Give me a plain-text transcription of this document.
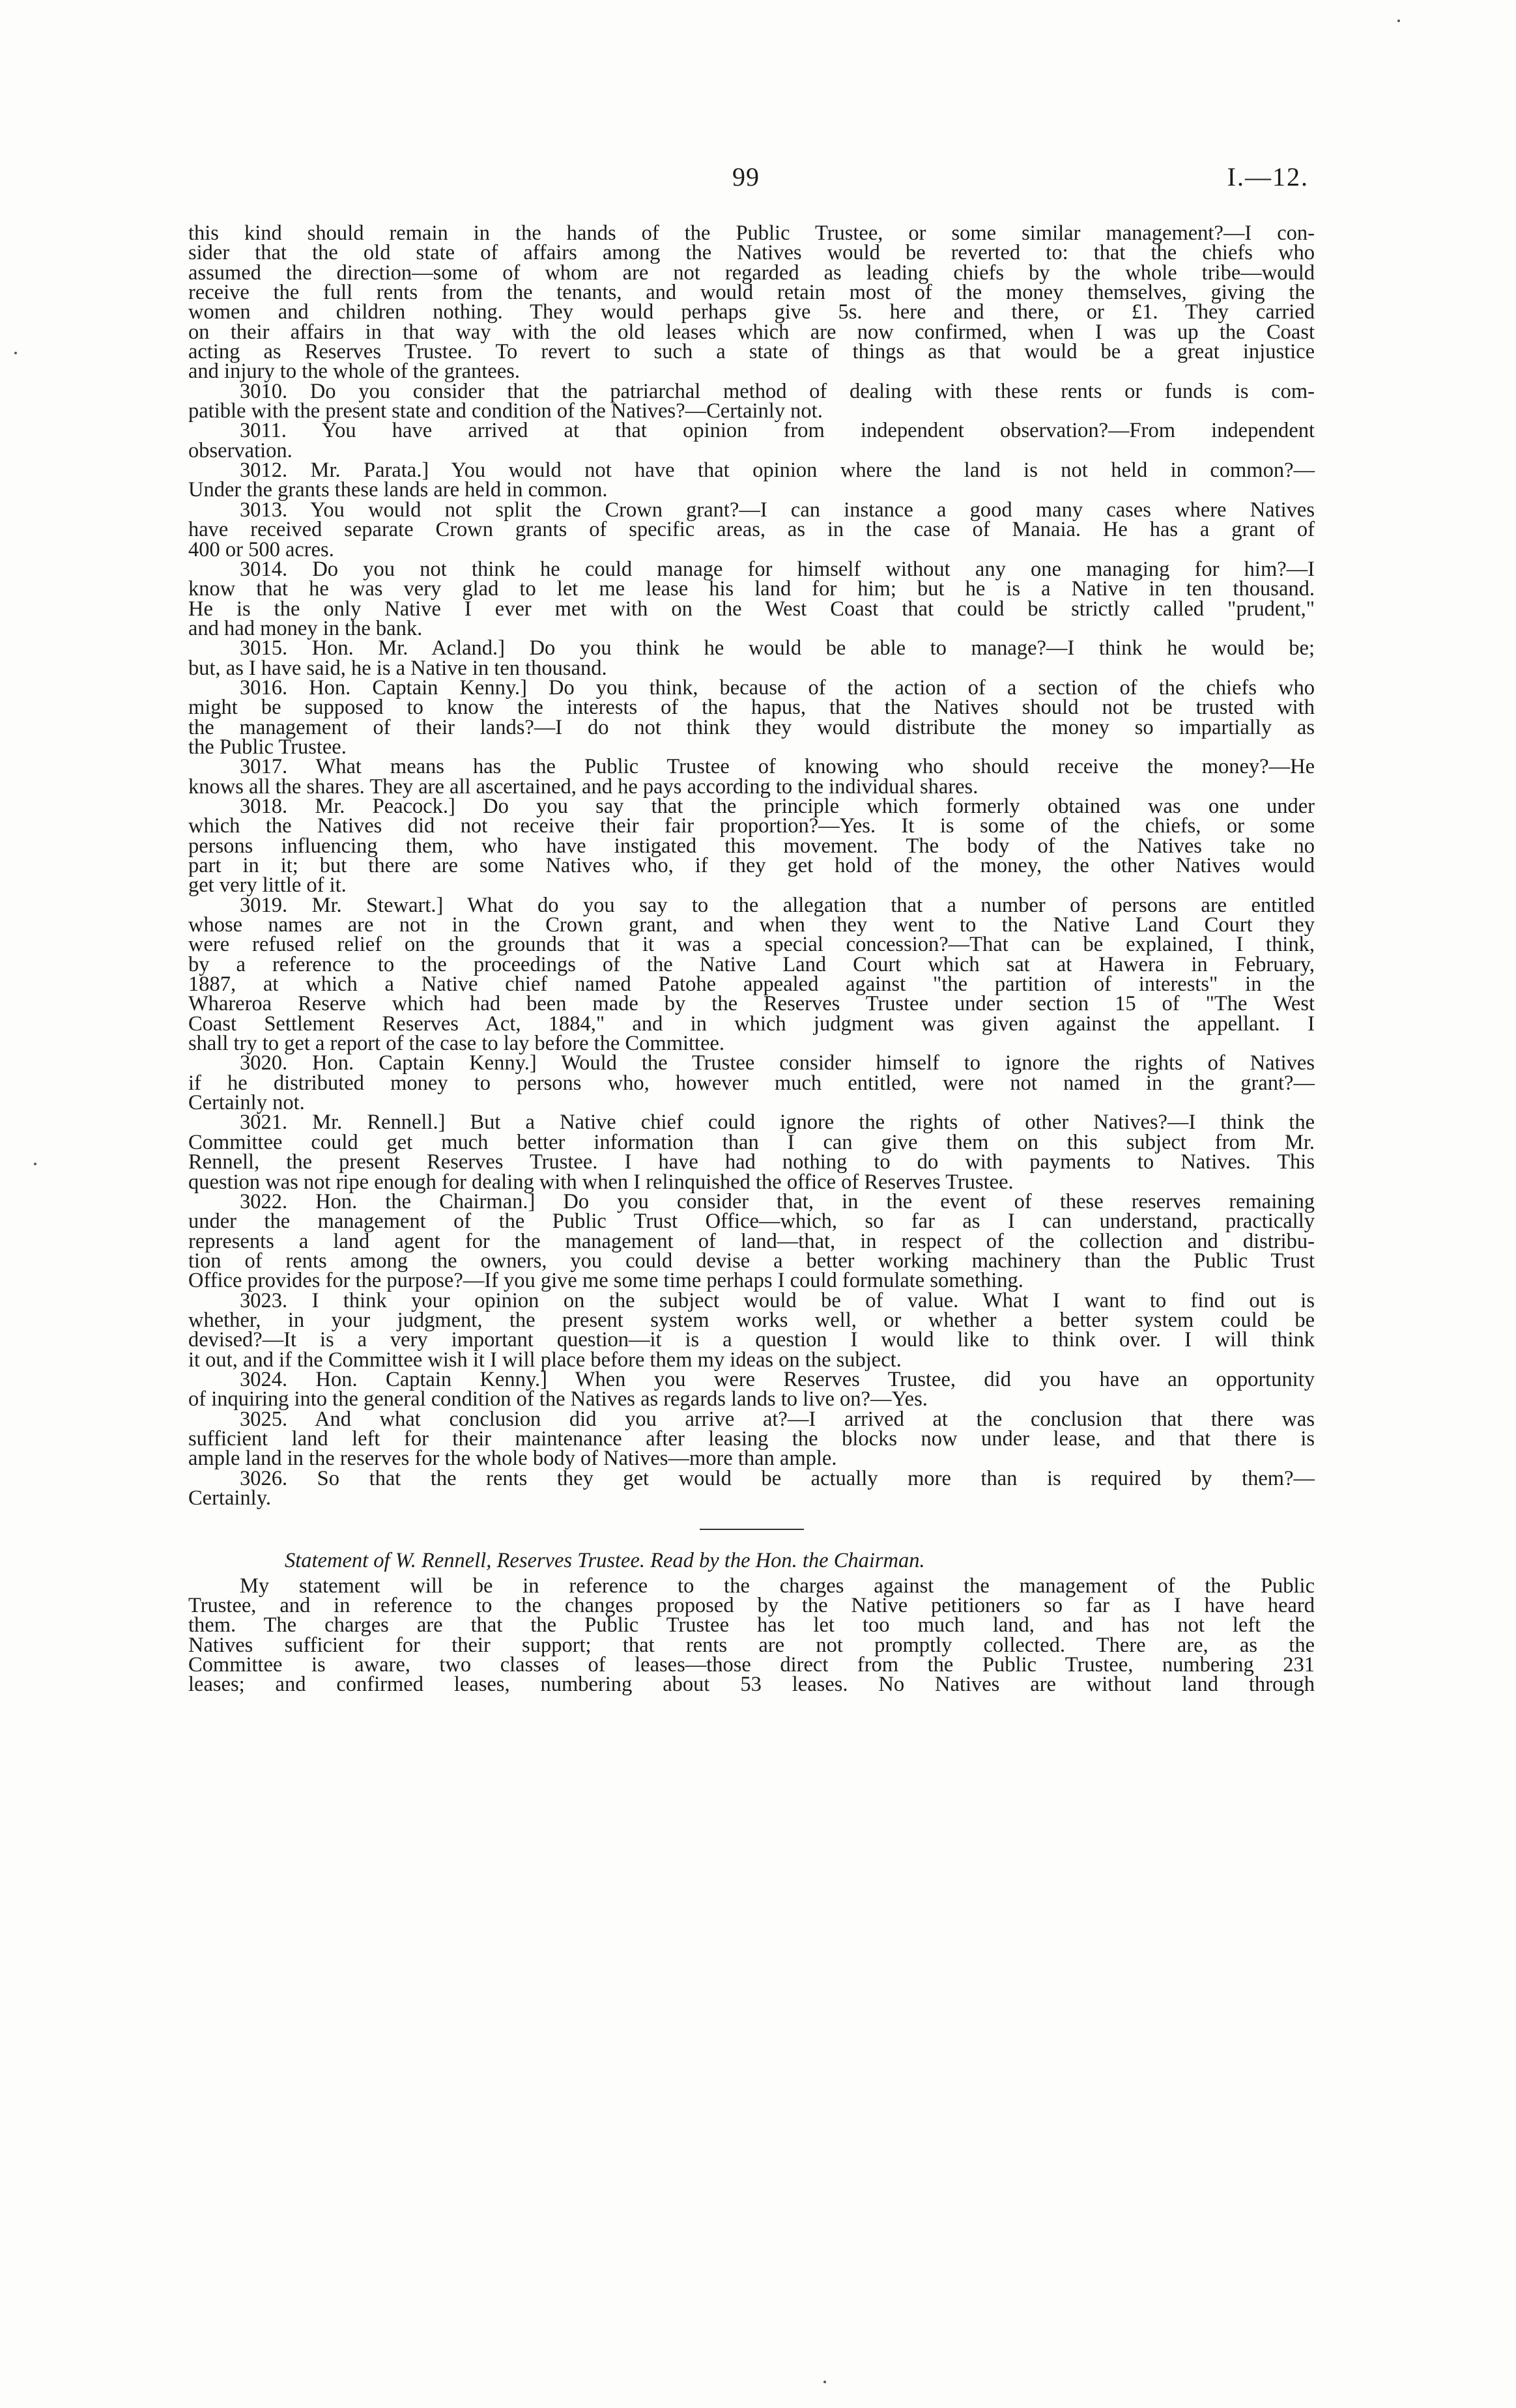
99	I.—12.
this kind should remain in the hands of the Public Trustee, or some similar management?—I con-
sider that the old state of affairs among the Natives would be reverted to: that the chiefs who
assumed the direction—some of whom are not regarded as leading chiefs by the whole tribe—would
receive the full rents from the tenants, and would retain most of the money themselves, giving the
women and children nothing. They would perhaps give 5s. here and there, or £1. They carried
on their affairs in that way with the old leases which are now confirmed, when I was up the Coast
acting as Reserves Trustee. To revert to such a state of things as that would be a great injustice
and injury to the whole of the grantees.
3010. Do you consider that the patriarchal method of dealing with these rents or funds is com-
patible with the present state and condition of the Natives?—Certainly not.
3011. You have arrived at that opinion from independent observation?—From independent
observation.
3012. Mr. Parata.] You would not have that opinion where the land is not held in common?—
Under the grants these lands are held in common.
3013. You would not split the Crown grant?—I can instance a good many cases where Natives
have received separate Crown grants of specific areas, as in the case of Manaia. He has a grant of
400 or 500 acres.
3014. Do you not think he could manage for himself without any one managing for him?—I
know that he was very glad to let me lease his land for him; but he is a Native in ten thousand.
He is the only Native I ever met with on the West Coast that could be strictly called "prudent,"
and had money in the bank.
3015. Hon. Mr. Acland.] Do you think he would be able to manage?—I think he would be;
but, as I have said, he is a Native in ten thousand.
3016. Hon. Captain Kenny.] Do you think, because of the action of a section of the chiefs who
might be supposed to know the interests of the hapus, that the Natives should not be trusted with
the management of their lands?—I do not think they would distribute the money so impartially as
the Public Trustee.
3017. What means has the Public Trustee of knowing who should receive the money?—He
knows all the shares. They are all ascertained, and he pays according to the individual shares.
3018. Mr. Peacock.] Do you say that the principle which formerly obtained was one under
which the Natives did not receive their fair proportion?—Yes. It is some of the chiefs, or some
persons influencing them, who have instigated this movement. The body of the Natives take no
part in it; but there are some Natives who, if they get hold of the money, the other Natives would
get very little of it.
3019. Mr. Stewart.] What do you say to the allegation that a number of persons are entitled
whose names are not in the Crown grant, and when they went to the Native Land Court they
were refused relief on the grounds that it was a special concession?—That can be explained, I think,
by a reference to the proceedings of the Native Land Court which sat at Hawera in February,
1887, at which a Native chief named Patohe appealed against "the partition of interests" in the
Whareroa Reserve which had been made by the Reserves Trustee under section 15 of "The West
Coast Settlement Reserves Act, 1884," and in which judgment was given against the appellant. I
shall try to get a report of the case to lay before the Committee.
3020. Hon. Captain Kenny.] Would the Trustee consider himself to ignore the rights of Natives
if he distributed money to persons who, however much entitled, were not named in the grant?—
Certainly not.
3021. Mr. Rennell.] But a Native chief could ignore the rights of other Natives?—I think the
Committee could get much better information than I can give them on this subject from Mr.
Rennell, the present Reserves Trustee. I have had nothing to do with payments to Natives. This
question was not ripe enough for dealing with when I relinquished the office of Reserves Trustee.
3022. Hon. the Chairman.] Do you consider that, in the event of these reserves remaining
under the management of the Public Trust Office—which, so far as I can understand, practically
represents a land agent for the management of land—that, in respect of the collection and distribu-
tion of rents among the owners, you could devise a better working machinery than the Public Trust
Office provides for the purpose?—If you give me some time perhaps I could formulate something.
3023. I think your opinion on the subject would be of value. What I want to find out is
whether, in your judgment, the present system works well, or whether a better system could be
devised?—It is a very important question—it is a question I would like to think over. I will think
it out, and if the Committee wish it I will place before them my ideas on the subject.
3024. Hon. Captain Kenny.] When you were Reserves Trustee, did you have an opportunity
of inquiring into the general condition of the Natives as regards lands to live on?—Yes.
3025. And what conclusion did you arrive at?—I arrived at the conclusion that there was
sufficient land left for their maintenance after leasing the blocks now under lease, and that there is
ample land in the reserves for the whole body of Natives—more than ample.
3026. So that the rents they get would be actually more than is required by them?—
Certainly.
Statement of W. Rennell, Reserves Trustee. Read by the Hon. the Chairman.
My statement will be in reference to the charges against the management of the Public
Trustee, and in reference to the changes proposed by the Native petitioners so far as I have heard
them. The charges are that the Public Trustee has let too much land, and has not left the
Natives sufficient for their support; that rents are not promptly collected. There are, as the
Committee is aware, two classes of leases—those direct from the Public Trustee, numbering 231
leases; and confirmed leases, numbering about 53 leases. No Natives are without land through
